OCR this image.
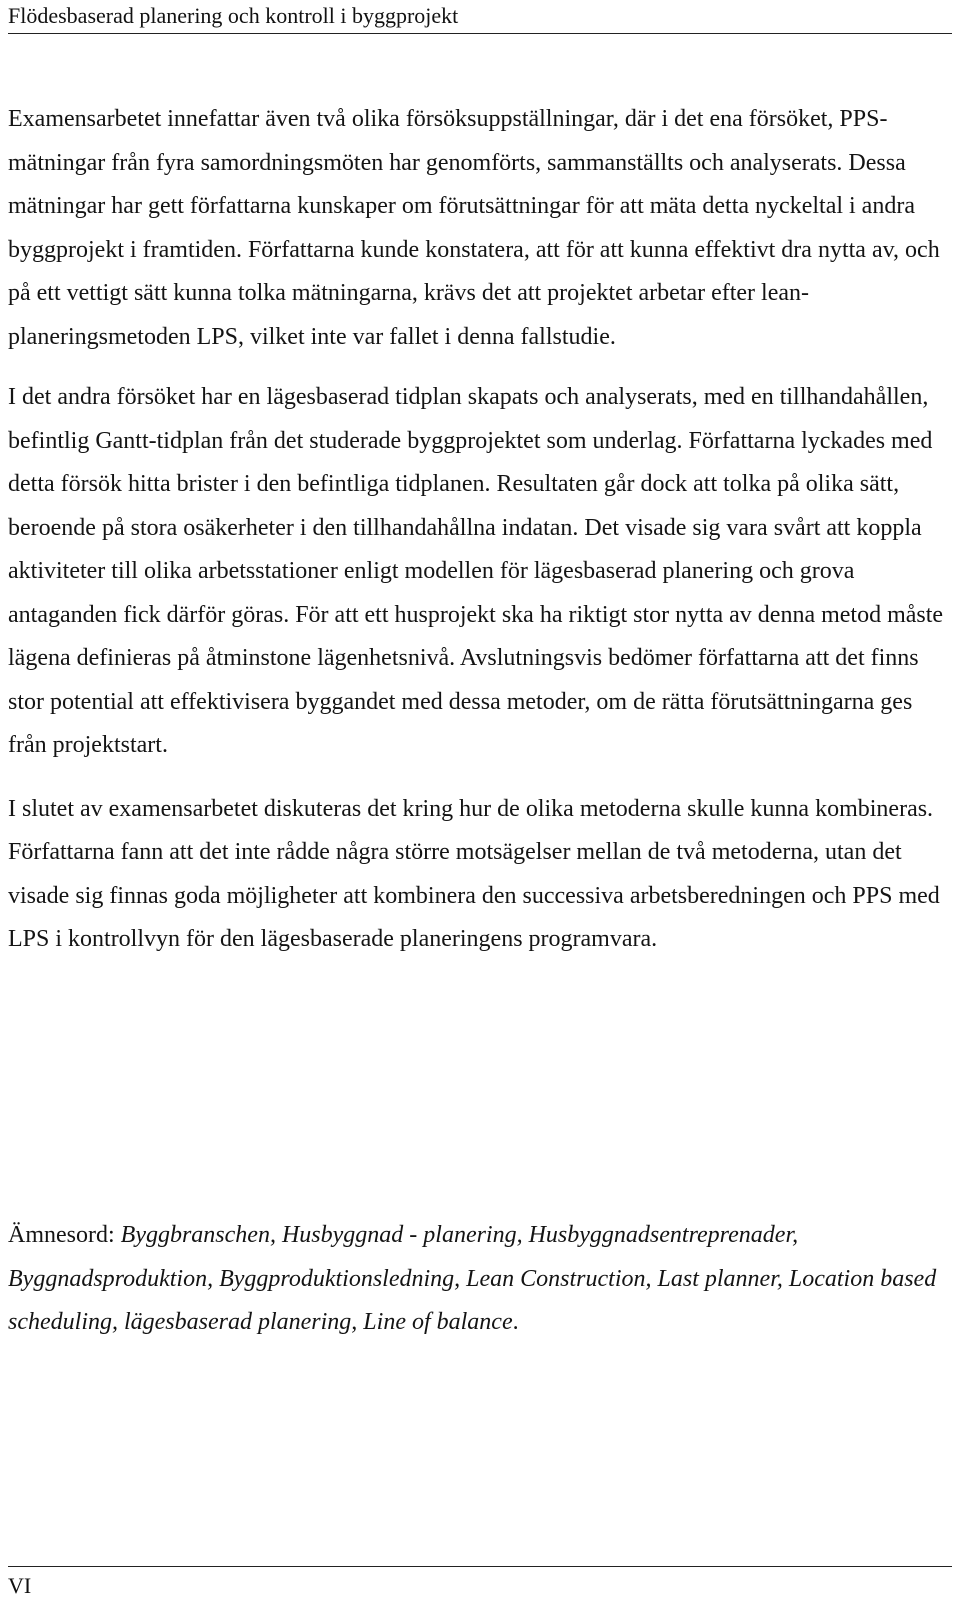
Flödesbaserad planering och kontroll i byggprojekt

Examensarbetet innefattar även två olika försöksuppställningar, där i det ena försöket, PPS-mätningar från fyra samordningsmöten har genomförts, sammanställts och analyserats. Dessa mätningar har gett författarna kunskaper om förutsättningar för att mäta detta nyckeltal i andra byggprojekt i framtiden. Författarna kunde konstatera, att för att kunna effektivt dra nytta av, och på ett vettigt sätt kunna tolka mätningarna, krävs det att projektet arbetar efter lean-planeringsmetoden LPS, vilket inte var fallet i denna fallstudie.

I det andra försöket har en lägesbaserad tidplan skapats och analyserats, med en tillhandahållen, befintlig Gantt-tidplan från det studerade byggprojektet som underlag. Författarna lyckades med detta försök hitta brister i den befintliga tidplanen. Resultaten går dock att tolka på olika sätt, beroende på stora osäkerheter i den tillhandahållna indatan. Det visade sig vara svårt att koppla aktiviteter till olika arbetsstationer enligt modellen för lägesbaserad planering och grova antaganden fick därför göras. För att ett husprojekt ska ha riktigt stor nytta av denna metod måste lägena definieras på åtminstone lägenhetsnivå. Avslutningsvis bedömer författarna att det finns stor potential att effektivisera byggandet med dessa metoder, om de rätta förutsättningarna ges från projektstart.

I slutet av examensarbetet diskuteras det kring hur de olika metoderna skulle kunna kombineras. Författarna fann att det inte rådde några större motsägelser mellan de två metoderna, utan det visade sig finnas goda möjligheter att kombinera den successiva arbetsberedningen och PPS med LPS i kontrollvyn för den lägesbaserade planeringens programvara.

Ämnesord: Byggbranschen, Husbyggnad - planering, Husbyggnadsentreprenader, Byggnadsproduktion, Byggproduktionsledning, Lean Construction, Last planner, Location based scheduling, lägesbaserad planering, Line of balance.
VI
